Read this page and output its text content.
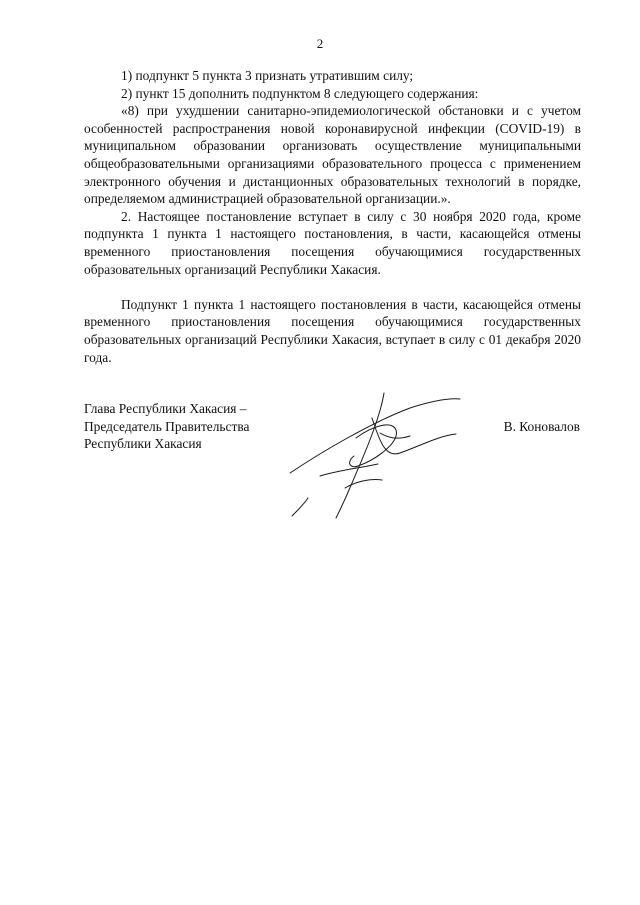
2

1) подпункт 5 пункта 3 признать утратившим силу;

2) пункт 15 дополнить подпунктом 8 следующего содержания:

«8) при ухудшении санитарно-эпидемиологической обстановки и с учетом особенностей распространения новой коронавирусной инфекции (COVID-19) в муниципальном образовании организовать осуществление муниципальными общеобразовательными организациями образовательного процесса с применением электронного обучения и дистанционных образовательных технологий в порядке, определяемом администрацией образовательной организации.».

2. Настоящее постановление вступает в силу с 30 ноября 2020 года, кроме подпункта 1 пункта 1 настоящего постановления, в части, касающейся отмены временного приостановления посещения обучающимися государственных образовательных организаций Республики Хакасия.

Подпункт 1 пункта 1 настоящего постановления в части, касающейся отмены временного приостановления посещения обучающимися государственных образовательных организаций Республики Хакасия, вступает в силу с 01 декабря 2020 года.

Глава Республики Хакасия –
Председатель Правительства
Республики Хакасия
В. Коновалов
